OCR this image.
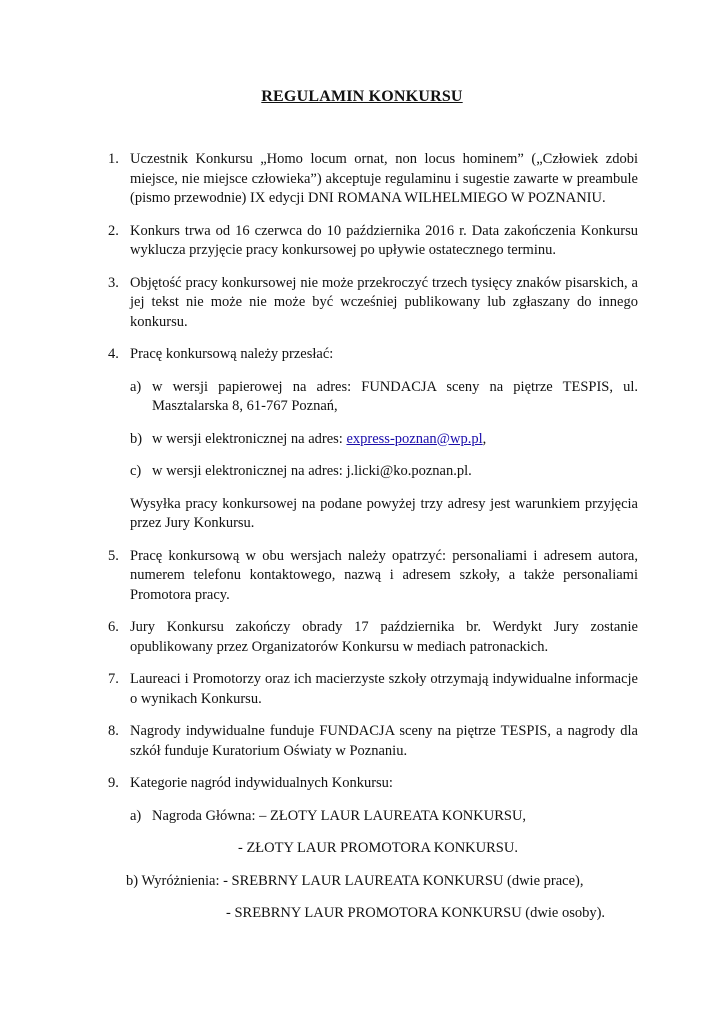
REGULAMIN KONKURSU
1. Uczestnik Konkursu „Homo locum ornat, non locus hominem” („Człowiek zdobi miejsce, nie miejsce człowieka”) akceptuje regulaminu i sugestie zawarte w preambule (pismo przewodnie) IX edycji DNI ROMANA WILHELMIEGO W POZNANIU.

2. Konkurs trwa od 16 czerwca do 10 października 2016 r. Data zakończenia Konkursu wyklucza przyjęcie pracy konkursowej po upływie ostatecznego terminu.

3. Objętość pracy konkursowej nie może przekroczyć trzech tysięcy znaków pisarskich, a jej tekst nie może nie może być wcześniej publikowany lub zgłaszany do innego konkursu.

4. Pracę konkursową należy przesłać:

a) w wersji papierowej na adres: FUNDACJA sceny na piętrze TESPIS, ul. Masztalarska 8, 61-767 Poznań,

b) w wersji elektronicznej na adres: express-poznan@wp.pl,

c) w wersji elektronicznej na adres: j.licki@ko.poznan.pl.

Wysyłka pracy konkursowej na podane powyżej trzy adresy jest warunkiem przyjęcia przez Jury Konkursu.

5. Pracę konkursową w obu wersjach należy opatrzyć: personaliami i adresem autora, numerem telefonu kontaktowego, nazwą i adresem szkoły, a także personaliami Promotora pracy.

6. Jury Konkursu zakończy obrady 17 października br. Werdykt Jury zostanie opublikowany przez Organizatorów Konkursu w mediach patronackich.

7. Laureaci i Promotorzy oraz ich macierzyste szkoły otrzymają indywidualne informacje o wynikach Konkursu.

8. Nagrody indywidualne funduje FUNDACJA sceny na piętrze TESPIS, a nagrody dla szkół funduje Kuratorium Oświaty w Poznaniu.

9. Kategorie nagród indywidualnych Konkursu:

a) Nagroda Główna: – ZŁOTY LAUR LAUREATA KONKURSU,
- ZŁOTY LAUR PROMOTORA KONKURSU.
b) Wyróżnienia: - SREBRNY LAUR LAUREATA KONKURSU (dwie prace),
- SREBRNY LAUR PROMOTORA KONKURSU (dwie osoby).
